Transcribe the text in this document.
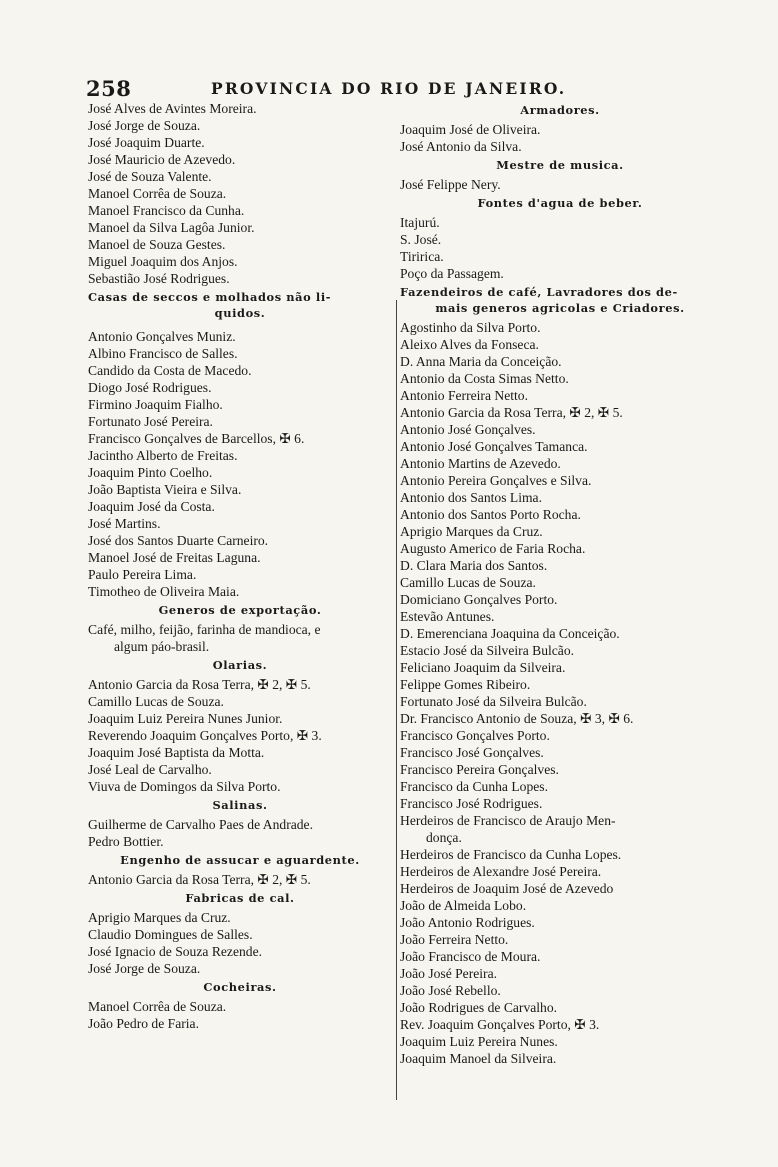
258	PROVINCIA DO RIO DE JANEIRO.
José Alves de Avintes Moreira.
José Jorge de Souza.
José Joaquim Duarte.
José Mauricio de Azevedo.
José de Souza Valente.
Manoel Corrêa de Souza.
Manoel Francisco da Cunha.
Manoel da Silva Lagôa Junior.
Manoel de Souza Gestes.
Miguel Joaquim dos Anjos.
Sebastião José Rodrigues.
Casas de seccos e molhados não li-
quidos.
Antonio Gonçalves Muniz.
Albino Francisco de Salles.
Candido da Costa de Macedo.
Diogo José Rodrigues.
Firmino Joaquim Fialho.
Fortunato José Pereira.
Francisco Gonçalves de Barcellos, ✠ 6.
Jacintho Alberto de Freitas.
Joaquim Pinto Coelho.
João Baptista Vieira e Silva.
Joaquim José da Costa.
José Martins.
José dos Santos Duarte Carneiro.
Manoel José de Freitas Laguna.
Paulo Pereira Lima.
Timotheo de Oliveira Maia.
Generos de exportação.
Café, milho, feijão, farinha de mandioca, e
algum páo-brasil.
Olarias.
Antonio Garcia da Rosa Terra, ✠ 2, ✠ 5.
Camillo Lucas de Souza.
Joaquim Luiz Pereira Nunes Junior.
Reverendo Joaquim Gonçalves Porto, ✠ 3.
Joaquim José Baptista da Motta.
José Leal de Carvalho.
Viuva de Domingos da Silva Porto.
Salinas.
Guilherme de Carvalho Paes de Andrade.
Pedro Bottier.
Engenho de assucar e aguardente.
Antonio Garcia da Rosa Terra, ✠ 2, ✠ 5.
Fabricas de cal.
Aprigio Marques da Cruz.
Claudio Domingues de Salles.
José Ignacio de Souza Rezende.
José Jorge de Souza.
Cocheiras.
Manoel Corrêa de Souza.
João Pedro de Faria.
Armadores.
Joaquim José de Oliveira.
José Antonio da Silva.
Mestre de musica.
José Felippe Nery.
Fontes d'agua de beber.
Itajurú.
S. José.
Tiririca.
Poço da Passagem.
Fazendeiros de café, Lavradores dos de-
mais generos agricolas e Criadores.
Agostinho da Silva Porto.
Aleixo Alves da Fonseca.
D. Anna Maria da Conceição.
Antonio da Costa Simas Netto.
Antonio Ferreira Netto.
Antonio Garcia da Rosa Terra, ✠ 2, ✠ 5.
Antonio José Gonçalves.
Antonio José Gonçalves Tamanca.
Antonio Martins de Azevedo.
Antonio Pereira Gonçalves e Silva.
Antonio dos Santos Lima.
Antonio dos Santos Porto Rocha.
Aprigio Marques da Cruz.
Augusto Americo de Faria Rocha.
D. Clara Maria dos Santos.
Camillo Lucas de Souza.
Domiciano Gonçalves Porto.
Estevão Antunes.
D. Emerenciana Joaquina da Conceição.
Estacio José da Silveira Bulcão.
Feliciano Joaquim da Silveira.
Felippe Gomes Ribeiro.
Fortunato José da Silveira Bulcão.
Dr. Francisco Antonio de Souza, ✠ 3, ✠ 6.
Francisco Gonçalves Porto.
Francisco José Gonçalves.
Francisco Pereira Gonçalves.
Francisco da Cunha Lopes.
Francisco José Rodrigues.
Herdeiros de Francisco de Araujo Men-
donça.
Herdeiros de Francisco da Cunha Lopes.
Herdeiros de Alexandre José Pereira.
Herdeiros de Joaquim José de Azevedo
João de Almeida Lobo.
João Antonio Rodrigues.
João Ferreira Netto.
João Francisco de Moura.
João José Pereira.
João José Rebello.
João Rodrigues de Carvalho.
Rev. Joaquim Gonçalves Porto, ✠ 3.
Joaquim Luiz Pereira Nunes.
Joaquim Manoel da Silveira.
